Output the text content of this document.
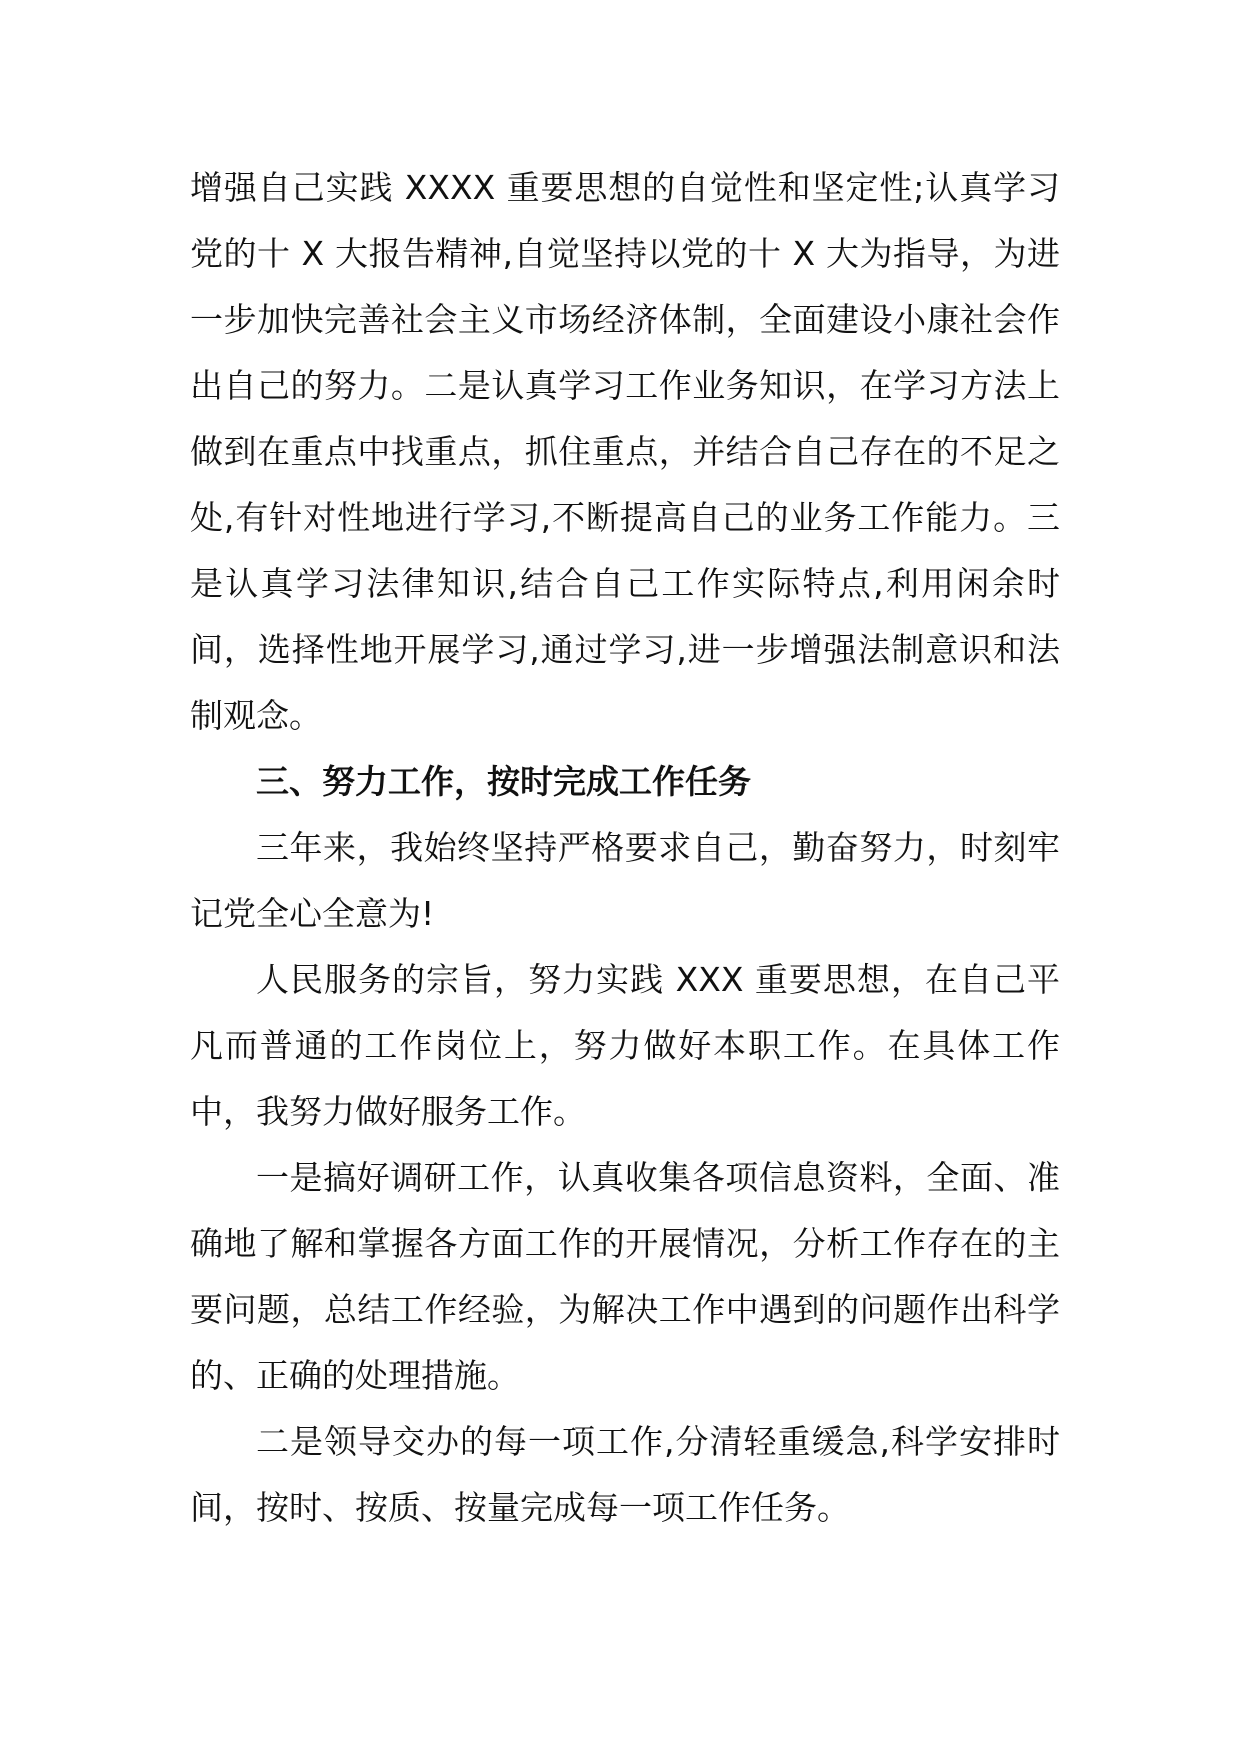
增强自己实践 XXXX 重要思想的自觉性和坚定性;认真学习党的十 X 大报告精神,自觉坚持以党的十 X 大为指导，为进一步加快完善社会主义市场经济体制，全面建设小康社会作出自己的努力。二是认真学习工作业务知识，在学习方法上做到在重点中找重点，抓住重点，并结合自己存在的不足之处,有针对性地进行学习,不断提高自己的业务工作能力。三是认真学习法律知识,结合自己工作实际特点,利用闲余时间，选择性地开展学习,通过学习,进一步增强法制意识和法制观念。

三、努力工作，按时完成工作任务

三年来，我始终坚持严格要求自己，勤奋努力，时刻牢记党全心全意为!

人民服务的宗旨，努力实践 XXX 重要思想，在自己平凡而普通的工作岗位上，努力做好本职工作。在具体工作中，我努力做好服务工作。

一是搞好调研工作，认真收集各项信息资料，全面、准确地了解和掌握各方面工作的开展情况，分析工作存在的主要问题，总结工作经验，为解决工作中遇到的问题作出科学的、正确的处理措施。

二是领导交办的每一项工作,分清轻重缓急,科学安排时间，按时、按质、按量完成每一项工作任务。
